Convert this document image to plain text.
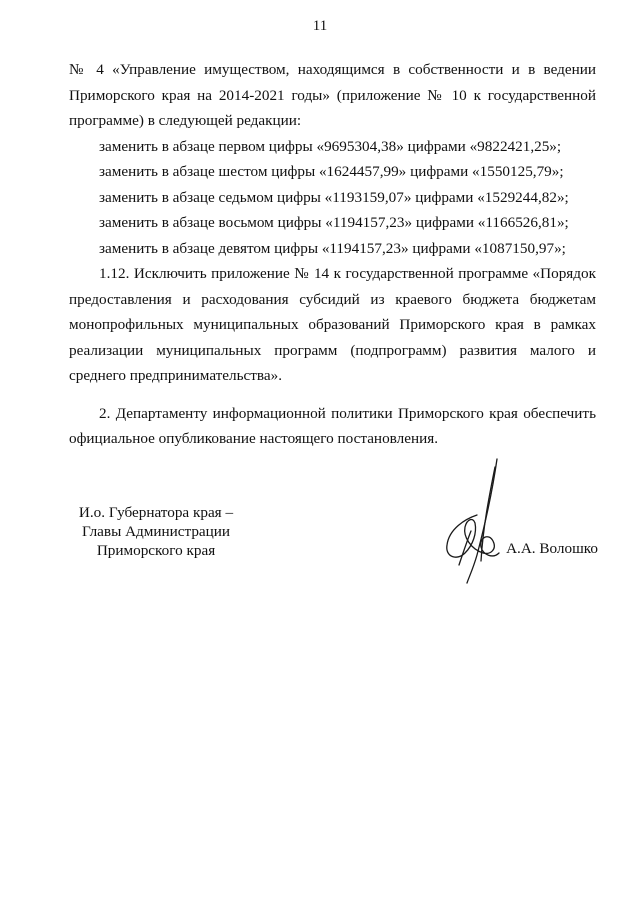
11

№ 4 «Управление имуществом, находящимся в собственности и в ведении Приморского края на 2014-2021 годы» (приложение № 10 к государственной программе) в следующей редакции:

заменить в абзаце первом цифры «9695304,38» цифрами «9822421,25»;

заменить в абзаце шестом цифры «1624457,99» цифрами «1550125,79»;

заменить в абзаце седьмом цифры «1193159,07» цифрами «1529244,82»;

заменить в абзаце восьмом цифры «1194157,23» цифрами «1166526,81»;

заменить в абзаце девятом цифры «1194157,23» цифрами «1087150,97»;

1.12. Исключить приложение № 14 к государственной программе «Порядок предоставления и расходования субсидий из краевого бюджета бюджетам монопрофильных муниципальных образований Приморского края в рамках реализации муниципальных программ (подпрограмм) развития малого и среднего предпринимательства».

2. Департаменту информационной политики Приморского края обеспечить официальное опубликование настоящего постановления.

И.о. Губернатора края –
Главы Администрации
Приморского края	А.А. Волошко
